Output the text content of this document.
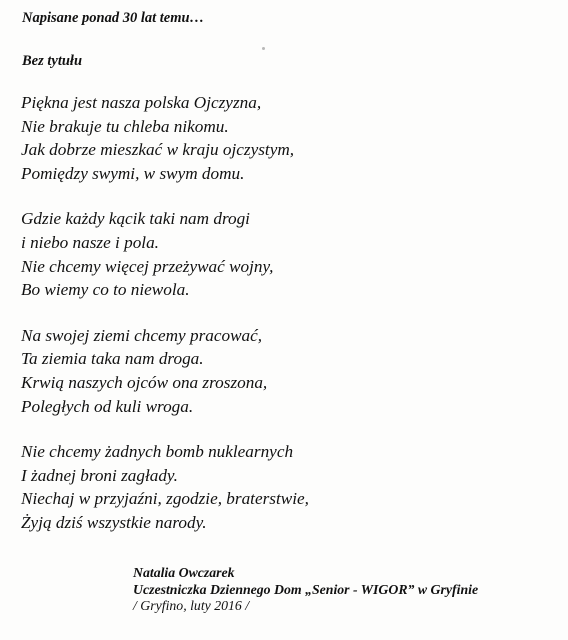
Napisane ponad 30 lat temu…
Bez tytułu
Piękna jest nasza polska Ojczyzna,
Nie brakuje tu chleba nikomu.
Jak dobrze mieszkać w kraju ojczystym,
Pomiędzy swymi, w swym domu.
Gdzie każdy kącik taki nam drogi
i niebo nasze i pola.
Nie chcemy więcej przeżywać wojny,
Bo wiemy co to niewola.
Na swojej ziemi chcemy pracować,
Ta ziemia taka nam droga.
Krwią naszych ojców ona zroszona,
Poległych od kuli wroga.
Nie chcemy żadnych bomb nuklearnych
I żadnej broni zagłady.
Niechaj w przyjaźni, zgodzie, braterstwie,
Żyją dziś wszystkie narody.
Natalia Owczarek
Uczestniczka Dziennego Dom „Senior - WIGOR” w Gryfinie
/ Gryfino, luty 2016 /
